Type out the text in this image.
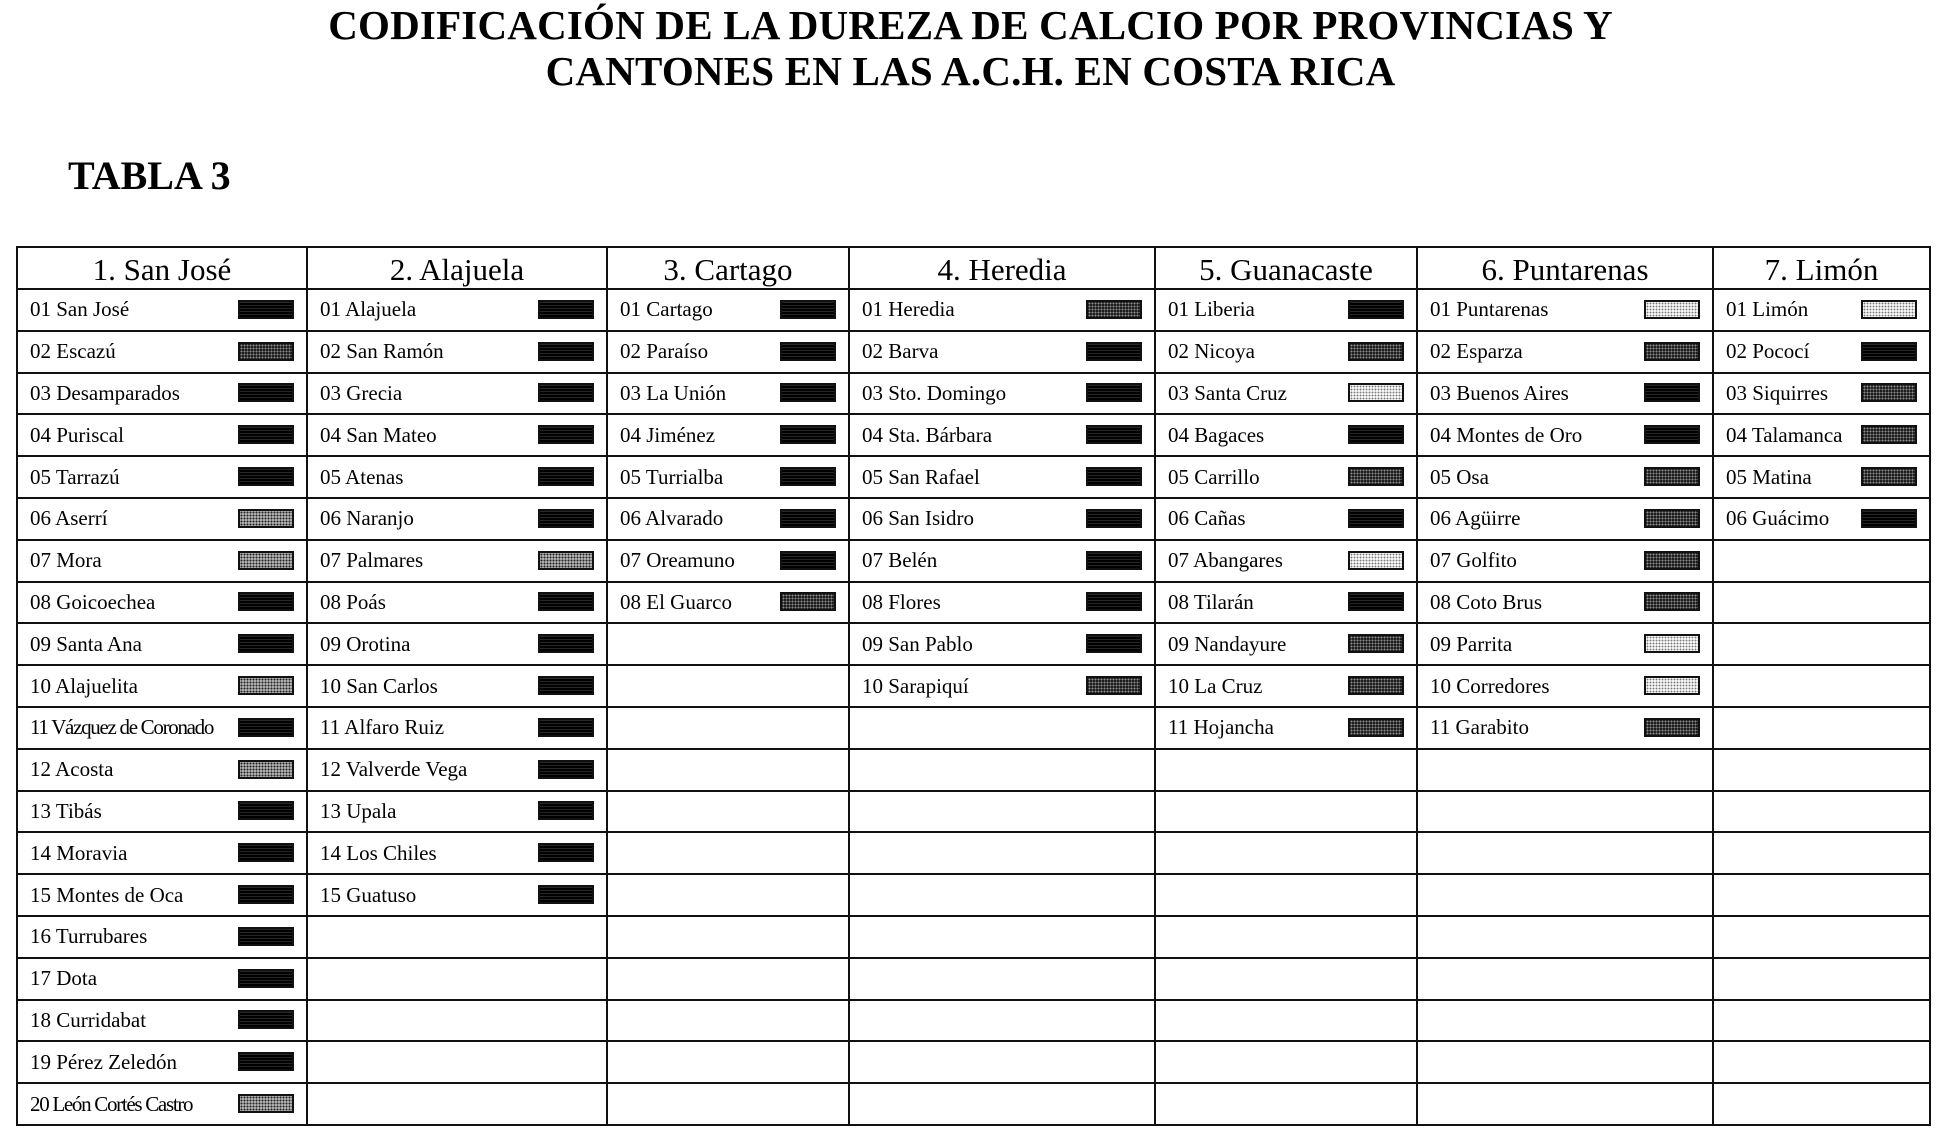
CODIFICACIÓN DE LA DUREZA DE CALCIO POR PROVINCIAS Y
CANTONES EN LAS A.C.H. EN COSTA RICA
TABLA 3
1. San José
01 San José
02 Escazú
03 Desamparados
04 Puriscal
05 Tarrazú
06 Aserrí
07 Mora
08 Goicoechea
09 Santa Ana
10 Alajuelita
11 Vázquez de Coronado
12 Acosta
13 Tibás
14 Moravia
15 Montes de Oca
16 Turrubares
17 Dota
18 Curridabat
19 Pérez Zeledón
20 León Cortés Castro
2. Alajuela
01 Alajuela
02 San Ramón
03 Grecia
04 San Mateo
05 Atenas
06 Naranjo
07 Palmares
08 Poás
09 Orotina
10 San Carlos
11 Alfaro Ruiz
12 Valverde Vega
13 Upala
14 Los Chiles
15 Guatuso
3. Cartago
01 Cartago
02 Paraíso
03 La Unión
04 Jiménez
05 Turrialba
06 Alvarado
07 Oreamuno
08 El Guarco
4. Heredia
01 Heredia
02 Barva
03 Sto. Domingo
04 Sta. Bárbara
05 San Rafael
06 San Isidro
07 Belén
08 Flores
09 San Pablo
10 Sarapiquí
5. Guanacaste
01 Liberia
02 Nicoya
03 Santa Cruz
04 Bagaces
05 Carrillo
06 Cañas
07 Abangares
08 Tilarán
09 Nandayure
10 La Cruz
11 Hojancha
6. Puntarenas
01 Puntarenas
02 Esparza
03 Buenos Aires
04 Montes de Oro
05 Osa
06 Agüirre
07 Golfito
08 Coto Brus
09 Parrita
10 Corredores
11 Garabito
7. Limón
01 Limón
02 Pococí
03 Siquirres
04 Talamanca
05 Matina
06 Guácimo
